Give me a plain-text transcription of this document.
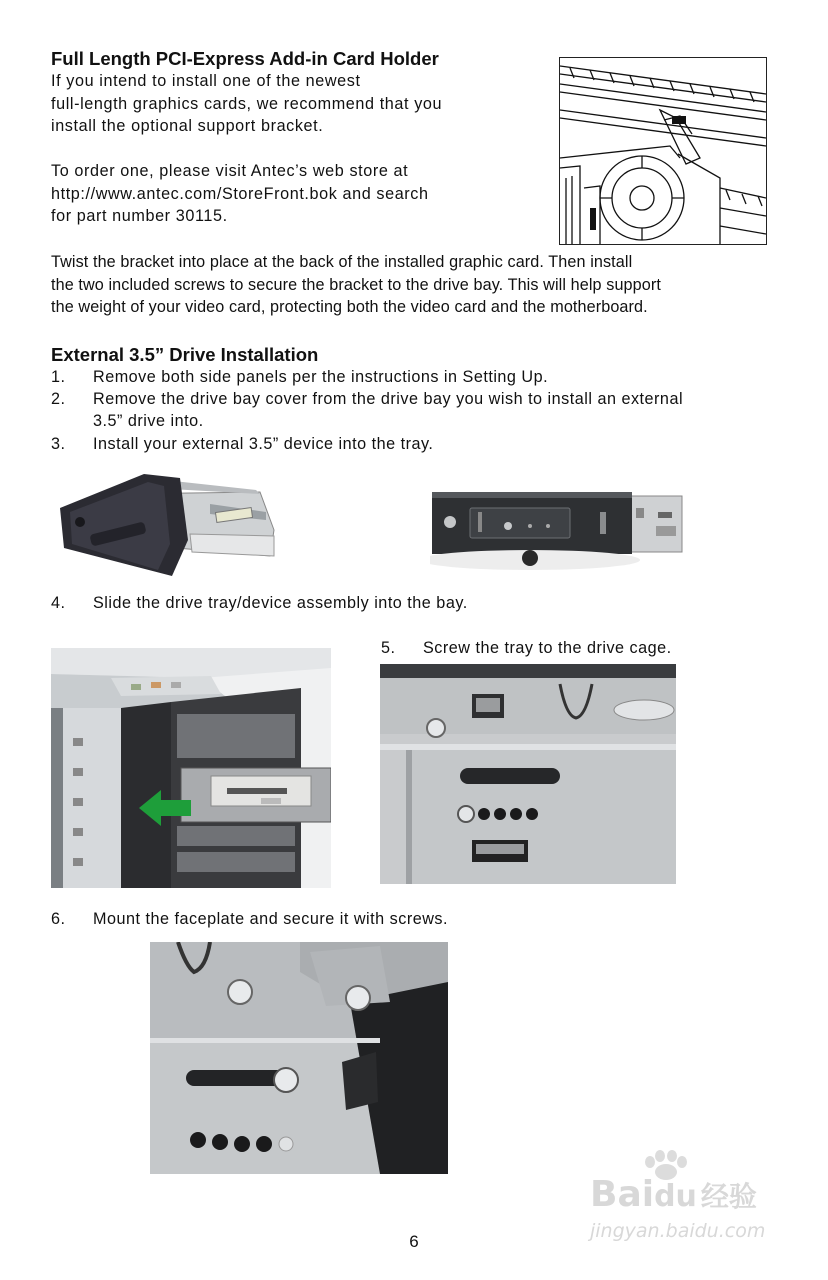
Full Length PCI-Express Add-in Card Holder
If you intend to install one of the newest
full-length graphics cards, we recommend that you
install the optional support bracket.
To order one, please visit Antec’s web store at
http://www.antec.com/StoreFront.bok and search
for part number 30115.
Twist the bracket into place at the back of the installed graphic card. Then install
the two included screws to secure the bracket to the drive bay. This will help support
the weight of your video card, protecting both the video card and the motherboard.
External 3.5” Drive Installation
1. Remove both side panels per the instructions in Setting Up.
2. Remove the drive bay cover from the drive bay you wish to install an external
3.5” drive into.
3. Install your external 3.5” device into the tray.
4. Slide the drive tray/device assembly into the bay.
5. Screw the tray to the drive cage.
6. Mount the faceplate and secure it with screws.
Baidu 经验
jingyan.baidu.com
6
